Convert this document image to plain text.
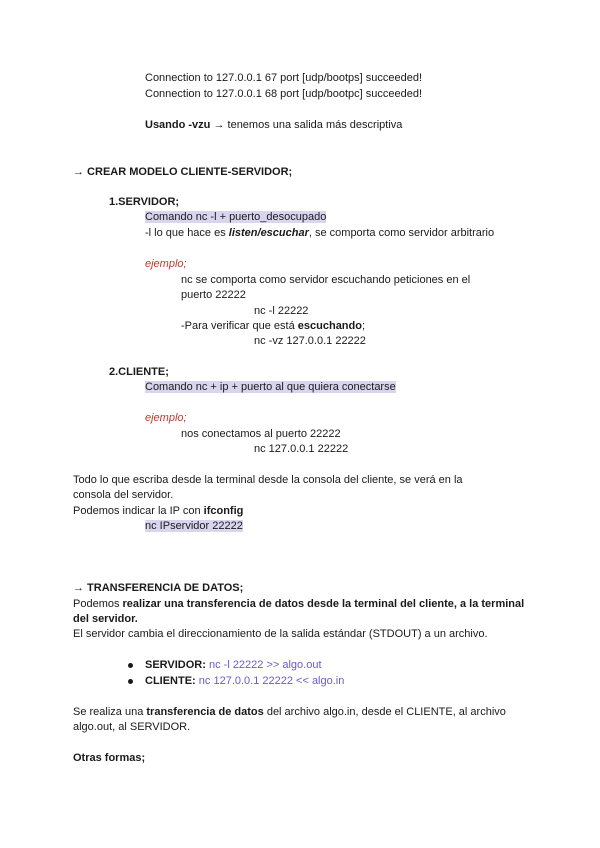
Connection to 127.0.0.1 67 port [udp/bootps] succeeded!
Connection to 127.0.0.1 68 port [udp/bootpc] succeeded!
Usando -vzu → tenemos una salida más descriptiva
→ CREAR MODELO CLIENTE-SERVIDOR;
1.SERVIDOR;
Comando nc -l + puerto_desocupado
-l lo que hace es listen/escuchar, se comporta como servidor arbitrario
ejemplo;
nc se comporta como servidor escuchando peticiones en el
puerto 22222
nc -l 22222
-Para verificar que está escuchando;
nc -vz 127.0.0.1 22222
2.CLIENTE;
Comando nc + ip + puerto al que quiera conectarse
ejemplo;
nos conectamos al puerto 22222
nc 127.0.0.1 22222
Todo lo que escriba desde la terminal desde la consola del cliente, se verá en la
consola del servidor.
Podemos indicar la IP con ifconfig
nc IPservidor 22222
→ TRANSFERENCIA DE DATOS;
Podemos realizar una transferencia de datos desde la terminal del cliente, a la terminal
del servidor.
El servidor cambia el direccionamiento de la salida estándar (STDOUT) a un archivo.
SERVIDOR: nc -l 22222 >> algo.out
CLIENTE: nc 127.0.0.1 22222 << algo.in
Se realiza una transferencia de datos del archivo algo.in, desde el CLIENTE, al archivo
algo.out, al SERVIDOR.
Otras formas;
